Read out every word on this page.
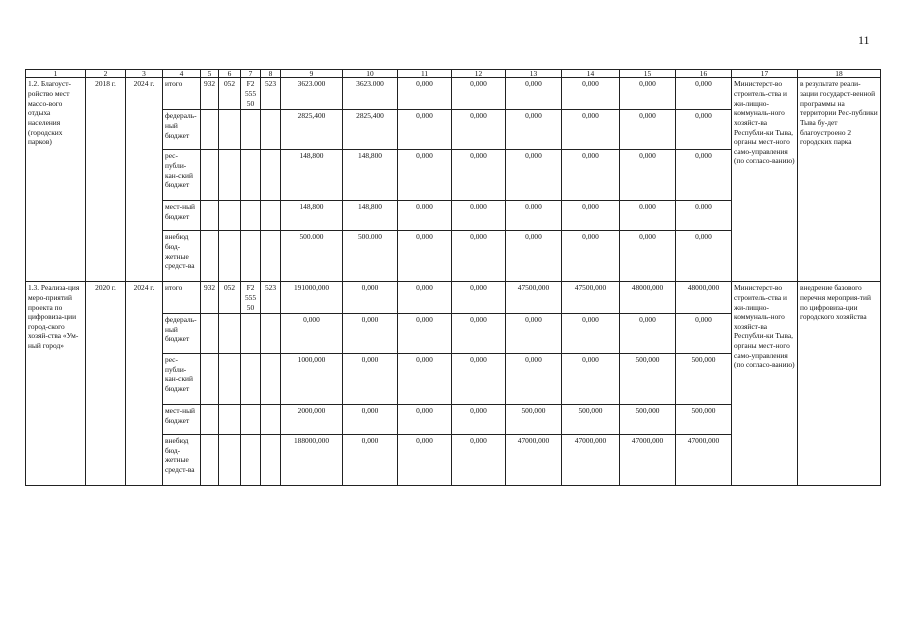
11
1	2	3	4	5	6	7	8	9	10	11	12	13	14	15	16	17	18
1.2. Благоуст-ройство мест массо-вого отдыха населения (городских парков)	2018 г.	2024 г.	итого	932	052	F2 555 50	523	3623.000	3623.000	0,000	0,000	0,000	0,000	0,000	0,000	Министерст-во строитель-ства и жи-лищно-коммуналь-ного хозяйст-ва Республи-ки Тыва, органы мест-ного само-управления (по согласо-ванию)	в результате реали-зации государст-венной программы на территории Рес-публики Тыва бу-дет благоустроено 2 городских парка
			федераль-ный бюджет					2825,400	2825,400	0,000	0,000	0,000	0,000	0,000	0,000		
			рес-публи-кан-ский бюджет					148,800	148,800	0,000	0,000	0,000	0,000	0,000	0,000		
			мест-ный бюджет					148,800	148,800	0.000	0.000	0.000	0,000	0.000	0.000		
			внебюд бюд-жетные средст-ва					500.000	500.000	0,000	0,000	0,000	0,000	0,000	0,000		
1.3. Реализа-ция меро-приятий проекта по цифровиза-ции город-ского хозяй-ства «Ум-ный город»	2020 г.	2024 г.	итого	932	052	F2 555 50	523	191000,000	0,000	0,000	0,000	47500,000	47500,000	48000,000	48000,000	Министерст-во строитель-ства и жи-лищно-коммуналь-ного хозяйст-ва Республи-ки Тыва, органы мест-ного само-управления (по согласо-ванию)	внедрение базового перечня мероприя-тий по цифровиза-ции городского хозяйства
			федераль-ный бюджет					0,000	0,000	0,000	0,000	0,000	0,000	0,000	0,000		
			рес-публи-кан-ский бюджет					1000,000	0,000	0,000	0,000	0,000	0,000	500,000	500,000		
			мест-ный бюджет					2000,000	0,000	0,000	0,000	500,000	500,000	500,000	500,000		
			внебюд бюд-жетные средст-ва					188000,000	0,000	0,000	0,000	47000,000	47000,000	47000,000	47000,000		
